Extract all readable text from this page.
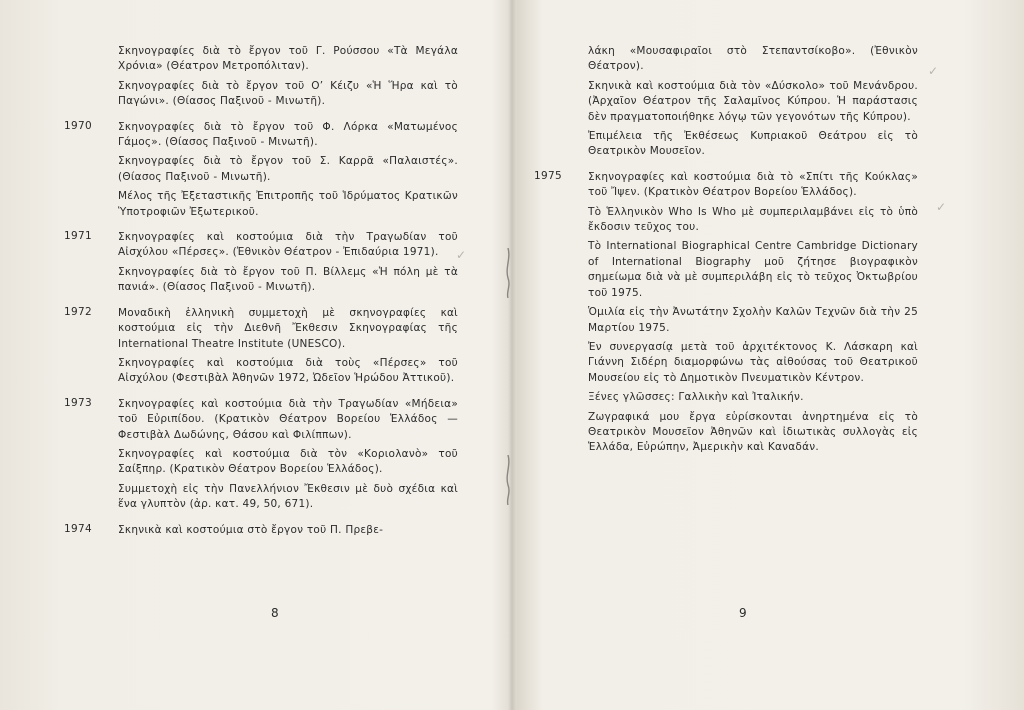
Σκηνογραφίες διὰ τὸ ἔργον τοῦ Γ. Ρούσσου «Τὰ Μεγάλα Χρόνια» (Θέατρον Μετροπόλιταν).

Σκηνογραφίες διὰ τὸ ἔργον τοῦ Ο’ Κέιζυ «Ἡ Ἥρα καὶ τὸ Παγώνι». (Θίασος Παξινοῦ - Μινωτῆ).

1970 Σκηνογραφίες διὰ τὸ ἔργον τοῦ Φ. Λόρκα «Ματωμένος Γάμος». (Θίασος Παξινοῦ - Μινωτῆ).

Σκηνογραφίες διὰ τὸ ἔργον τοῦ Σ. Καρρᾶ «Παλαιστές». (Θίασος Παξινοῦ - Μινωτῆ).

Μέλος τῆς Ἐξεταστικῆς Ἐπιτροπῆς τοῦ Ἱδρύματος Κρατικῶν Ὑποτροφιῶν Ἐξωτερικοῦ.

1971 Σκηνογραφίες καὶ κοστούμια διὰ τὴν Τραγωδίαν τοῦ Αἰσχύλου «Πέρσες». (Ἐθνικὸν Θέατρον - Ἐπιδαύρια 1971).

Σκηνογραφίες διὰ τὸ ἔργον τοῦ Π. Βίλλεμς «Ἡ πόλη μὲ τὰ πανιά». (Θίασος Παξινοῦ - Μινωτῆ).

1972 Μοναδικὴ ἑλληνικὴ συμμετοχὴ μὲ σκηνογραφίες καὶ κοστούμια εἰς τὴν Διεθνῆ Ἔκθεσιν Σκηνογραφίας τῆς International Theatre Institute (UNESCO).

Σκηνογραφίες καὶ κοστούμια διὰ τοὺς «Πέρσες» τοῦ Αἰσχύλου (Φεστιβὰλ Ἀθηνῶν 1972, Ὠδεῖον Ἡρώδου Ἀττικοῦ).

1973 Σκηνογραφίες καὶ κοστούμια διὰ τὴν Τραγωδίαν «Μήδεια» τοῦ Εὐριπίδου. (Κρατικὸν Θέατρον Βορείου Ἑλλάδος — Φεστιβὰλ Δωδώνης, Θάσου καὶ Φιλίππων).

Σκηνογραφίες καὶ κοστούμια διὰ τὸν «Κοριολανὸ» τοῦ Σαίξπηρ. (Κρατικὸν Θέατρον Βορείου Ἑλλάδος).

Συμμετοχὴ εἰς τὴν Πανελλήνιον Ἔκθεσιν μὲ δυὸ σχέδια καὶ ἕνα γλυπτὸν (ἀρ. κατ. 49, 50, 671).

1974 Σκηνικὰ καὶ κοστούμια στὸ ἔργον τοῦ Π. Πρεβε-

8

λάκη «Μουσαφιραῖοι στὸ Στεπαντσίκοβο». (Ἐθνικὸν Θέατρον).

Σκηνικὰ καὶ κοστούμια διὰ τὸν «Δύσκολο» τοῦ Μενάνδρου. (Ἀρχαῖον Θέατρον τῆς Σαλαμῖνος Κύπρου. Ἡ παράστασις δὲν πραγματοποιήθηκε λόγῳ τῶν γεγονότων τῆς Κύπρου).

Ἐπιμέλεια τῆς Ἐκθέσεως Κυπριακοῦ Θεάτρου εἰς τὸ Θεατρικὸν Μουσεῖον.

1975 Σκηνογραφίες καὶ κοστούμια διὰ τὸ «Σπίτι τῆς Κούκλας» τοῦ Ἴψεν. (Κρατικὸν Θέατρον Βορείου Ἑλλάδος).

Τὸ Ἑλληνικὸν Who Is Who μὲ συμπεριλαμβάνει εἰς τὸ ὑπὸ ἔκδοσιν τεῦχος του.

Τὸ International Biographical Centre Cambridge Dictionary of International Biography μοῦ ζήτησε βιογραφικὸν σημείωμα διὰ νὰ μὲ συμπεριλάβη εἰς τὸ τεῦχος Ὀκτωβρίου τοῦ 1975.

Ὁμιλία εἰς τὴν Ἀνωτάτην Σχολὴν Καλῶν Τεχνῶν διὰ τὴν 25 Μαρτίου 1975.

Ἐν συνεργασίᾳ μετὰ τοῦ ἀρχιτέκτονος Κ. Λάσκαρη καὶ Γιάννη Σιδέρη διαμορφώνω τὰς αἰθούσας τοῦ Θεατρικοῦ Μουσείου εἰς τὸ Δημοτικὸν Πνευματικὸν Κέντρον.

Ξένες γλῶσσες: Γαλλικὴν καὶ Ἰταλικήν.

Ζωγραφικά μου ἔργα εὑρίσκονται ἀνηρτημένα εἰς τὸ Θεατρικὸν Μουσεῖον Ἀθηνῶν καὶ ἰδιωτικὰς συλλογὰς εἰς Ἑλλάδα, Εὐρώπην, Ἀμερικὴν καὶ Καναδάν.

9
✓
✓
✓
